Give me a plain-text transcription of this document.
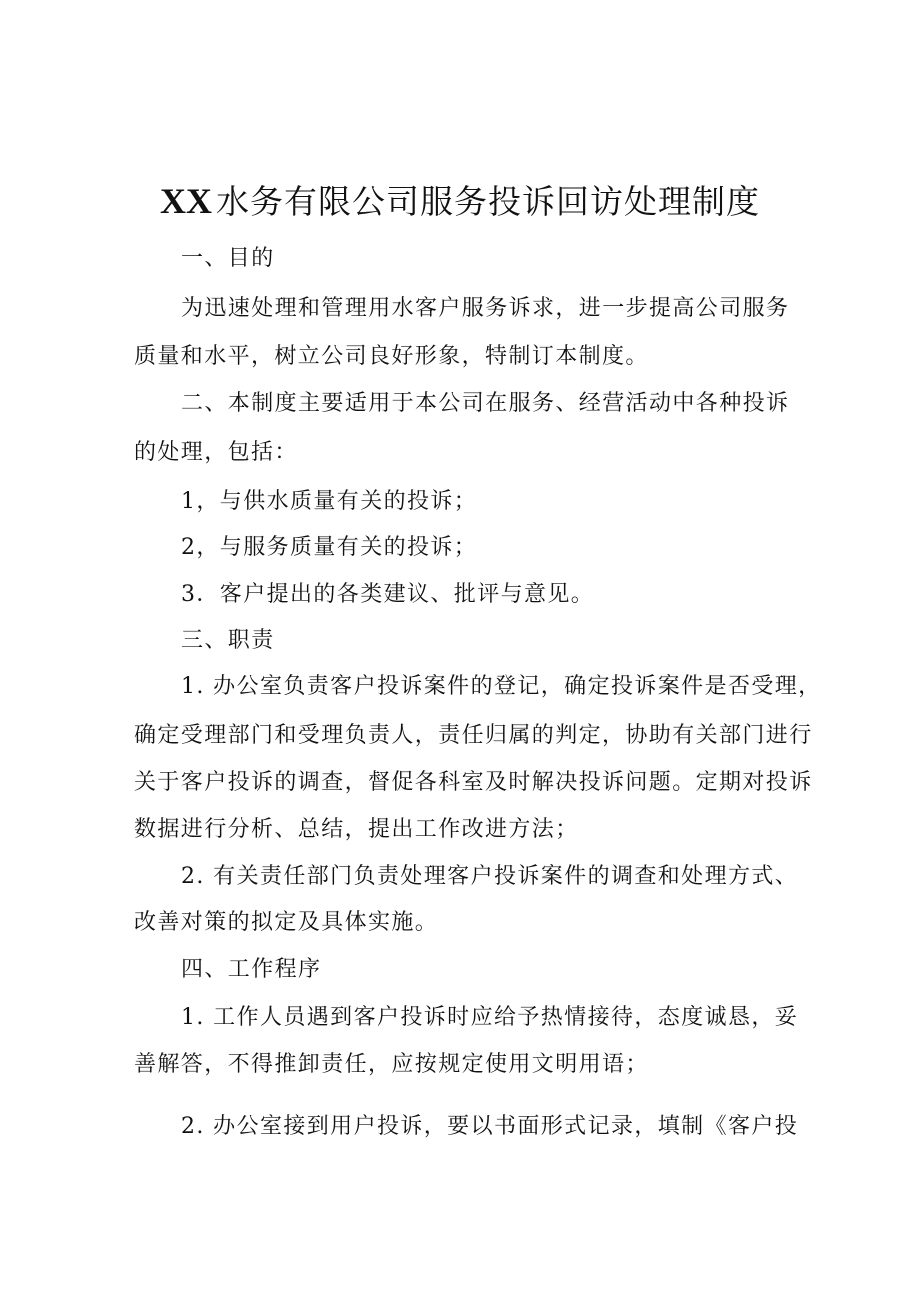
XX 水务有限公司服务投诉回访处理制度

一、目的

为迅速处理和管理用水客户服务诉求，进一步提高公司服务

质量和水平，树立公司良好形象，特制订本制度。

二、本制度主要适用于本公司在服务、经营活动中各种投诉

的处理，包括：

1，与供水质量有关的投诉；

2，与服务质量有关的投诉；

3．客户提出的各类建议、批评与意见。

三、职责

1. 办公室负责客户投诉案件的登记，确定投诉案件是否受理，

确定受理部门和受理负责人，责任归属的判定，协助有关部门进行

关于客户投诉的调查，督促各科室及时解决投诉问题。定期对投诉

数据进行分析、总结，提出工作改进方法；

2. 有关责任部门负责处理客户投诉案件的调查和处理方式、

改善对策的拟定及具体实施。

四、工作程序

1. 工作人员遇到客户投诉时应给予热情接待，态度诚恳，妥

善解答，不得推卸责任，应按规定使用文明用语；

2. 办公室接到用户投诉，要以书面形式记录，填制《客户投
